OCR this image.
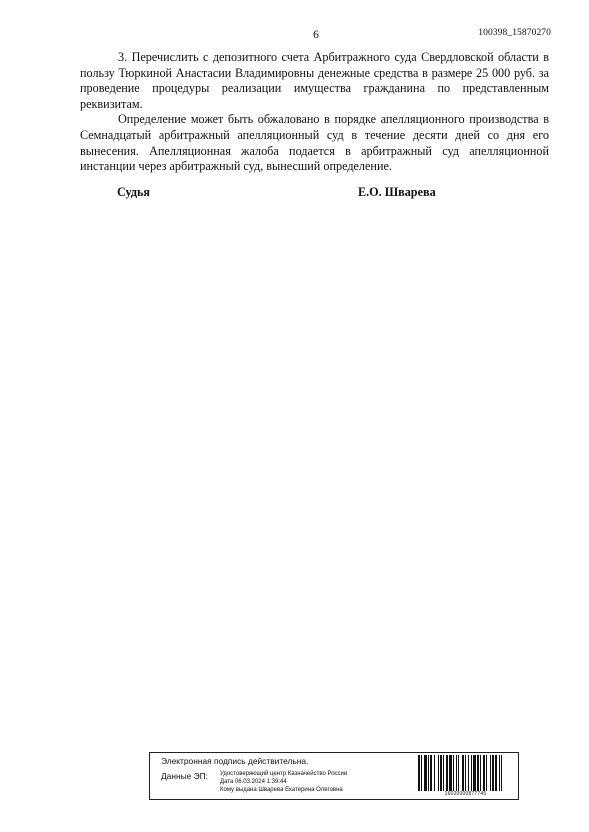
6	100398_15870270

3. Перечислить с депозитного счета Арбитражного суда Свердловской области в пользу Тюркиной Анастасии Владимировны денежные средства в размере 25 000 руб. за проведение процедуры реализации имущества гражданина по представленным реквизитам.

Определение может быть обжаловано в порядке апелляционного производства в Семнадцатый арбитражный апелляционный суд в течение десяти дней со дня его вынесения. Апелляционная жалоба подается в арбитражный суд апелляционной инстанции через арбитражный суд, вынесший определение.

Судья	Е.О. Шварева
Электронная подпись действительна.
Данные ЭП: Удостоверяющий центр Казначейство России
Дата 06.03.2024 1:39:44
Кому выдана Шварева Екатерина Олеговна
16020000877745
